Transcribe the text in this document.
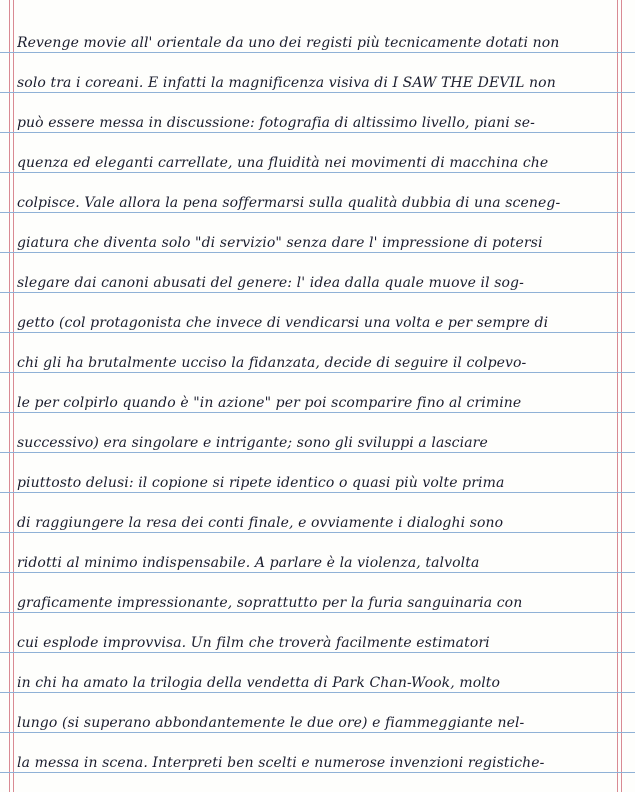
Revenge movie all' orientale da uno dei registi più tecnicamente dotati non
solo tra i coreani. E infatti la magnificenza visiva di I SAW THE DEVIL non
può essere messa in discussione: fotografia di altissimo livello, piani se-
quenza ed eleganti carrellate, una fluidità nei movimenti di macchina che
colpisce. Vale allora la pena soffermarsi sulla qualità dubbia di una sceneg-
giatura che diventa solo "di servizio" senza dare l' impressione di potersi
slegare dai canoni abusati del genere: l' idea dalla quale muove il sog-
getto (col protagonista che invece di vendicarsi una volta e per sempre di
chi gli ha brutalmente ucciso la fidanzata, decide di seguire il colpevo-
le per colpirlo quando è "in azione" per poi scomparire fino al crimine
successivo) era singolare e intrigante; sono gli sviluppi a lasciare
piuttosto delusi: il copione si ripete identico o quasi più volte prima
di raggiungere la resa dei conti finale, e ovviamente i dialoghi sono
ridotti al minimo indispensabile. A parlare è la violenza, talvolta
graficamente impressionante, soprattutto per la furia sanguinaria con
cui esplode improvvisa. Un film che troverà facilmente estimatori
in chi ha amato la trilogia della vendetta di Park Chan-Wook, molto
lungo (si superano abbondantemente le due ore) e fiammeggiante nel-
la messa in scena. Interpreti ben scelti e numerose invenzioni registiche-
